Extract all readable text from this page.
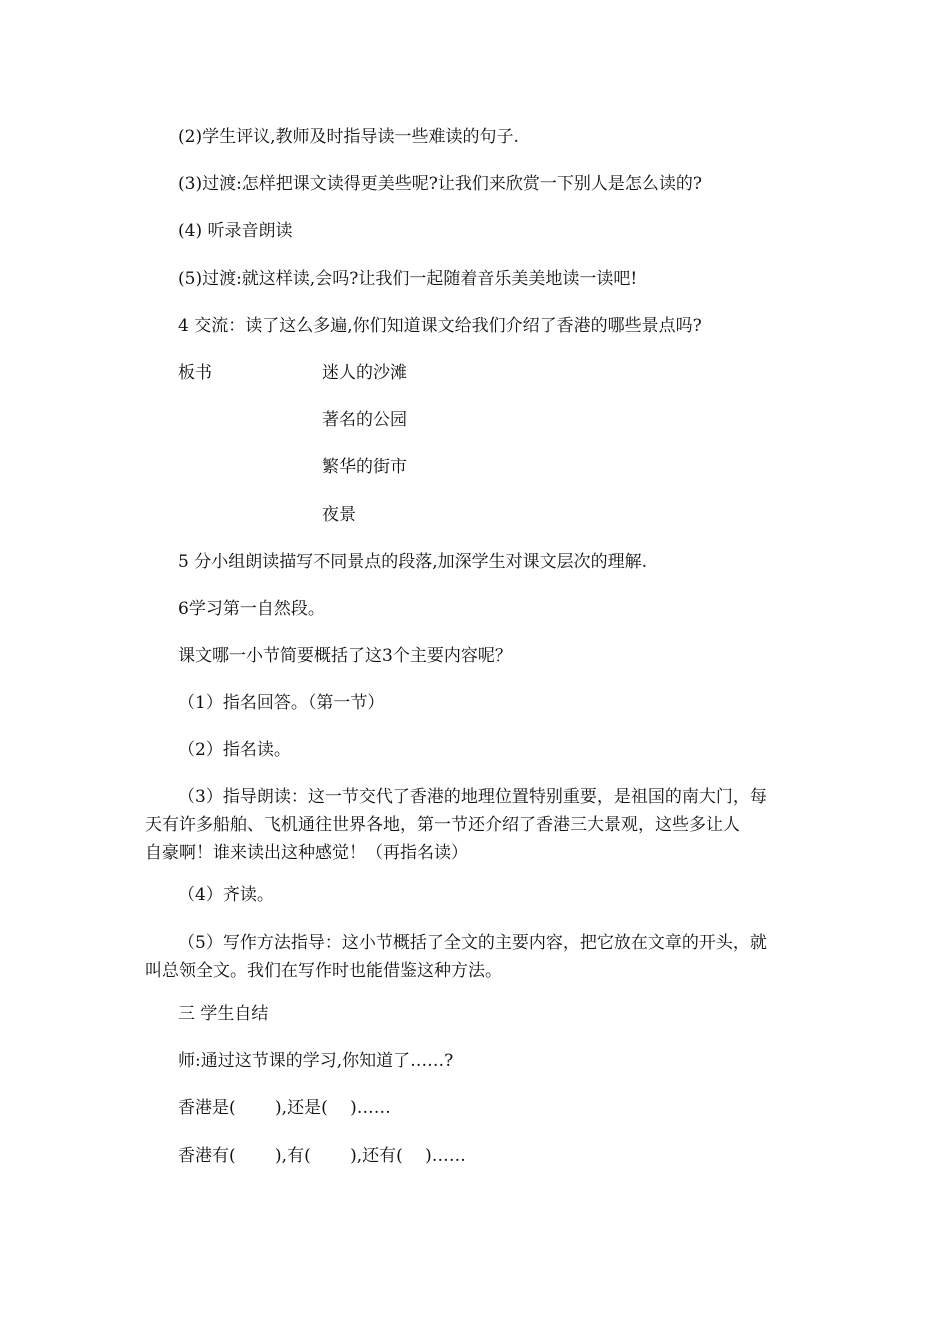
(2)学生评议,教师及时指导读一些难读的句子.
(3)过渡:怎样把课文读得更美些呢?让我们来欣赏一下别人是怎么读的?
(4) 听录音朗读
(5)过渡:就这样读,会吗?让我们一起随着音乐美美地读一读吧!
4 交流：读了这么多遍,你们知道课文给我们介绍了香港的哪些景点吗?
板书	迷人的沙滩
著名的公园
繁华的街市
夜景
5 分小组朗读描写不同景点的段落,加深学生对课文层次的理解.
6学习第一自然段。
课文哪一小节简要概括了这3个主要内容呢？
（1）指名回答。（第一节）
（2）指名读。
（3）指导朗读：这一节交代了香港的地理位置特别重要，是祖国的南大门，每
天有许多船舶、飞机通往世界各地，第一节还介绍了香港三大景观，这些多让人
自豪啊！谁来读出这种感觉！（再指名读）
（4）齐读。
（5）写作方法指导：这小节概括了全文的主要内容，把它放在文章的开头，就
叫总领全文。我们在写作时也能借鉴这种方法。
三 学生自结
师:通过这节课的学习,你知道了……?
香港是(　　 ),还是(　 )……
香港有(　　 ),有(　　 ),还有(　 )……
